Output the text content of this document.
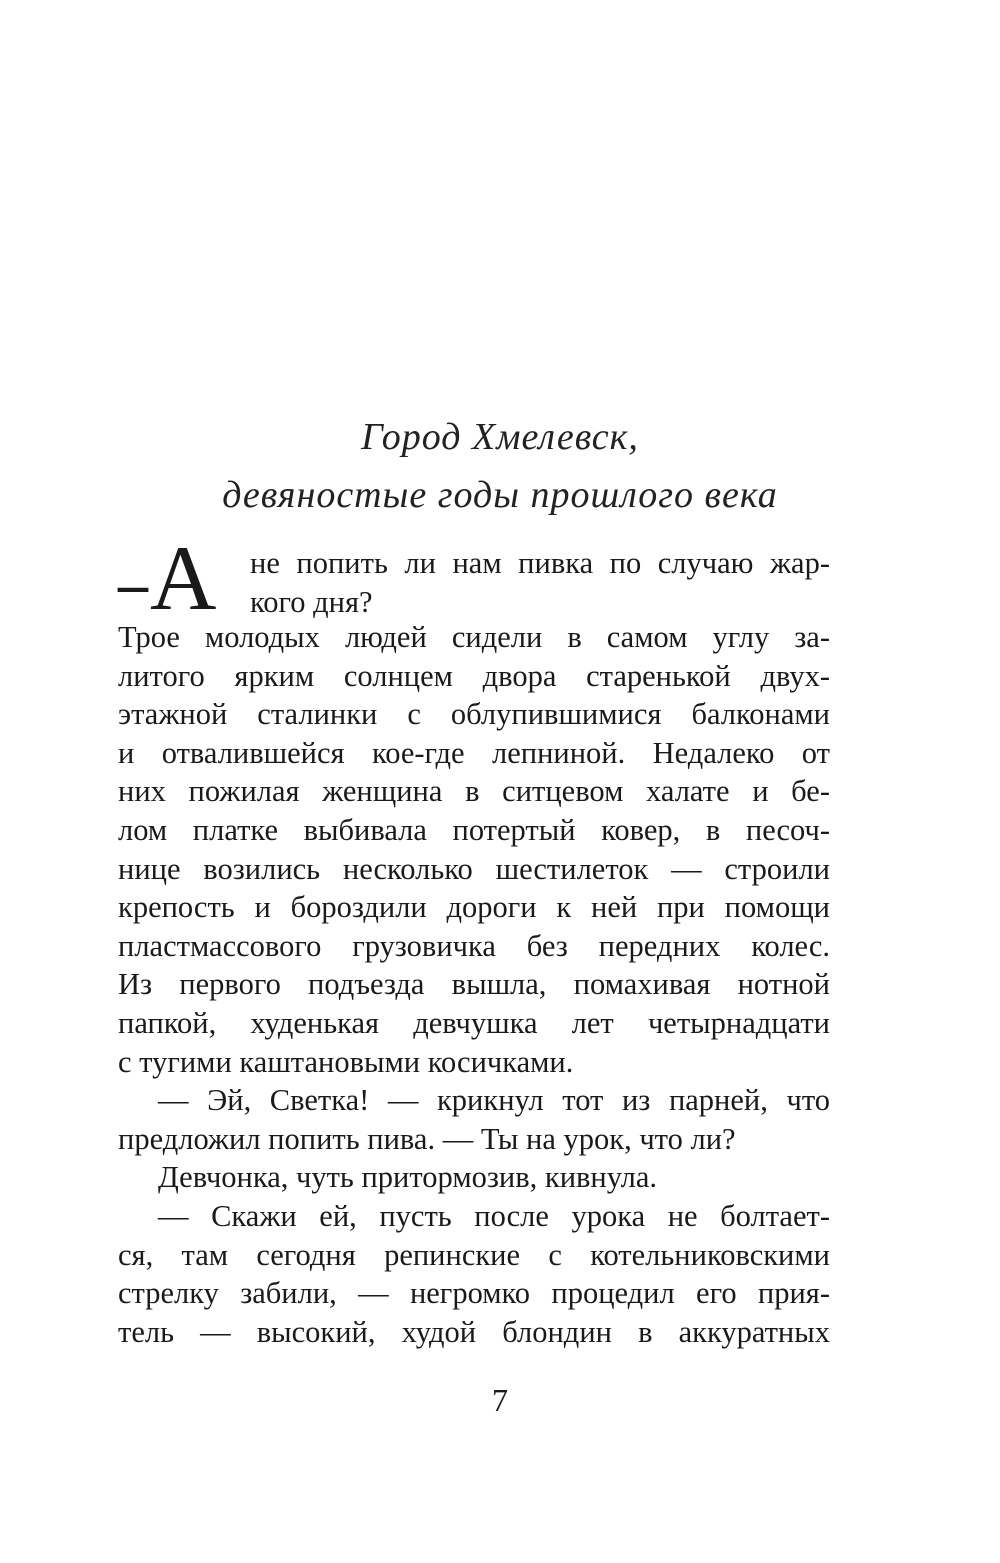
Город Хмелевск,
девяностые годы прошлого века
– А не попить ли нам пивка по случаю жар-
кого дня?
Трое молодых людей сидели в самом углу за-
литого ярким солнцем двора старенькой двух-
этажной сталинки с облупившимися балконами
и отвалившейся кое-где лепниной. Недалеко от
них пожилая женщина в ситцевом халате и бе-
лом платке выбивала потертый ковер, в песоч-
нице возились несколько шестилеток — строили
крепость и бороздили дороги к ней при помощи
пластмассового грузовичка без передних колес.
Из первого подъезда вышла, помахивая нотной
папкой, худенькая девчушка лет четырнадцати
с тугими каштановыми косичками.
— Эй, Светка! — крикнул тот из парней, что
предложил попить пива. — Ты на урок, что ли?
Девчонка, чуть притормозив, кивнула.
— Скажи ей, пусть после урока не болтает-
ся, там сегодня репинские с котельниковскими
стрелку забили, — негромко процедил его прия-
тель — высокий, худой блондин в аккуратных

7
